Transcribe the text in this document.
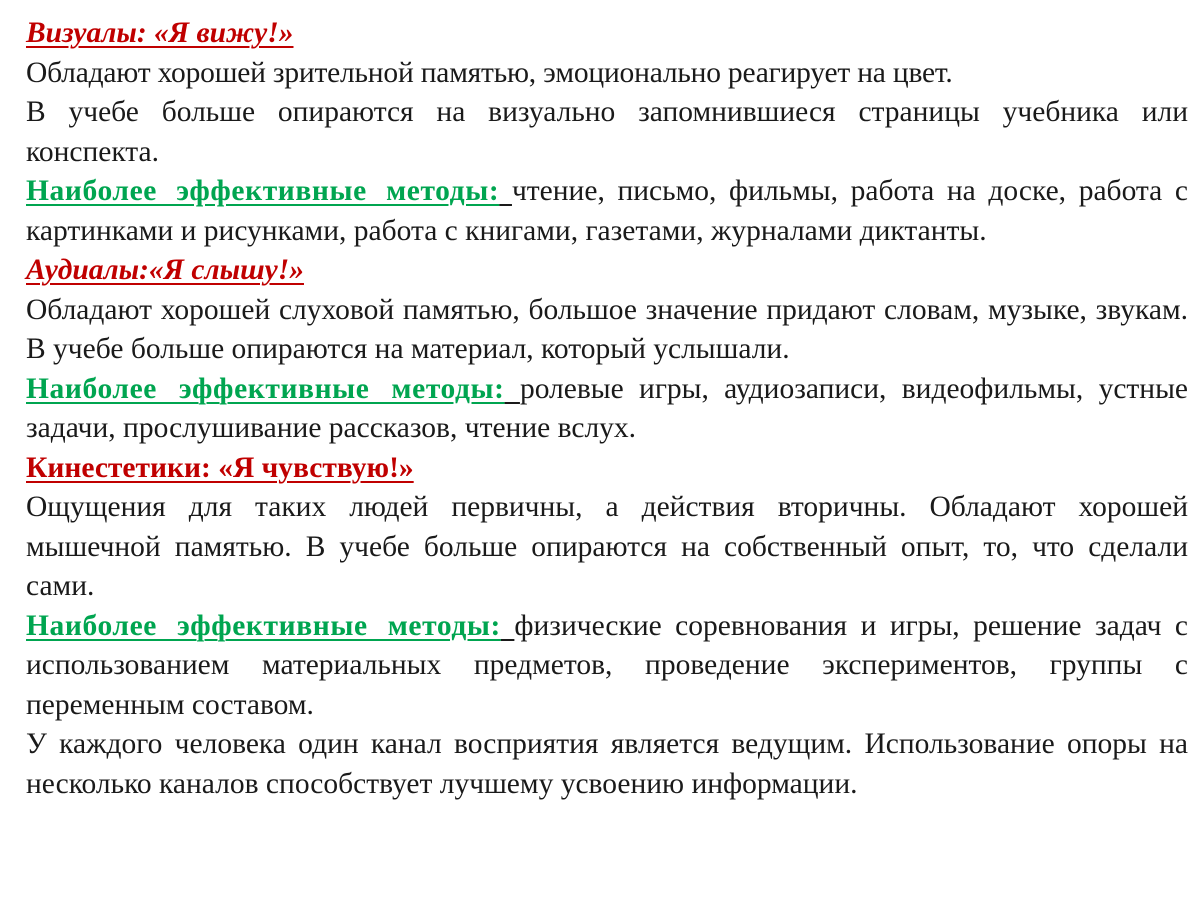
Визуалы: «Я вижу!»

Обладают хорошей зрительной памятью, эмоционально реагирует на цвет.

В учебе больше опираются на визуально запомнившиеся страницы учебника или конспекта.

Наиболее эффективные методы: чтение, письмо, фильмы, работа на доске, работа с картинками и рисунками, работа с книгами, газетами, журналами диктанты.

Аудиалы:«Я слышу!»

Обладают хорошей слуховой памятью, большое значение придают словам, музыке, звукам. В учебе больше опираются на материал, который услышали.

Наиболее эффективные методы: ролевые игры, аудиозаписи, видеофильмы, устные задачи, прослушивание рассказов, чтение вслух.

Кинестетики: «Я чувствую!»

Ощущения для таких людей первичны, а действия вторичны. Обладают хорошей мышечной памятью. В учебе больше опираются на собственный опыт, то, что сделали сами.

Наиболее эффективные методы: физические соревнования и игры, решение задач с использованием материальных предметов, проведение экспериментов, группы с переменным составом.

У каждого человека один канал восприятия является ведущим. Использование опоры на несколько каналов способствует лучшему усвоению информации.
